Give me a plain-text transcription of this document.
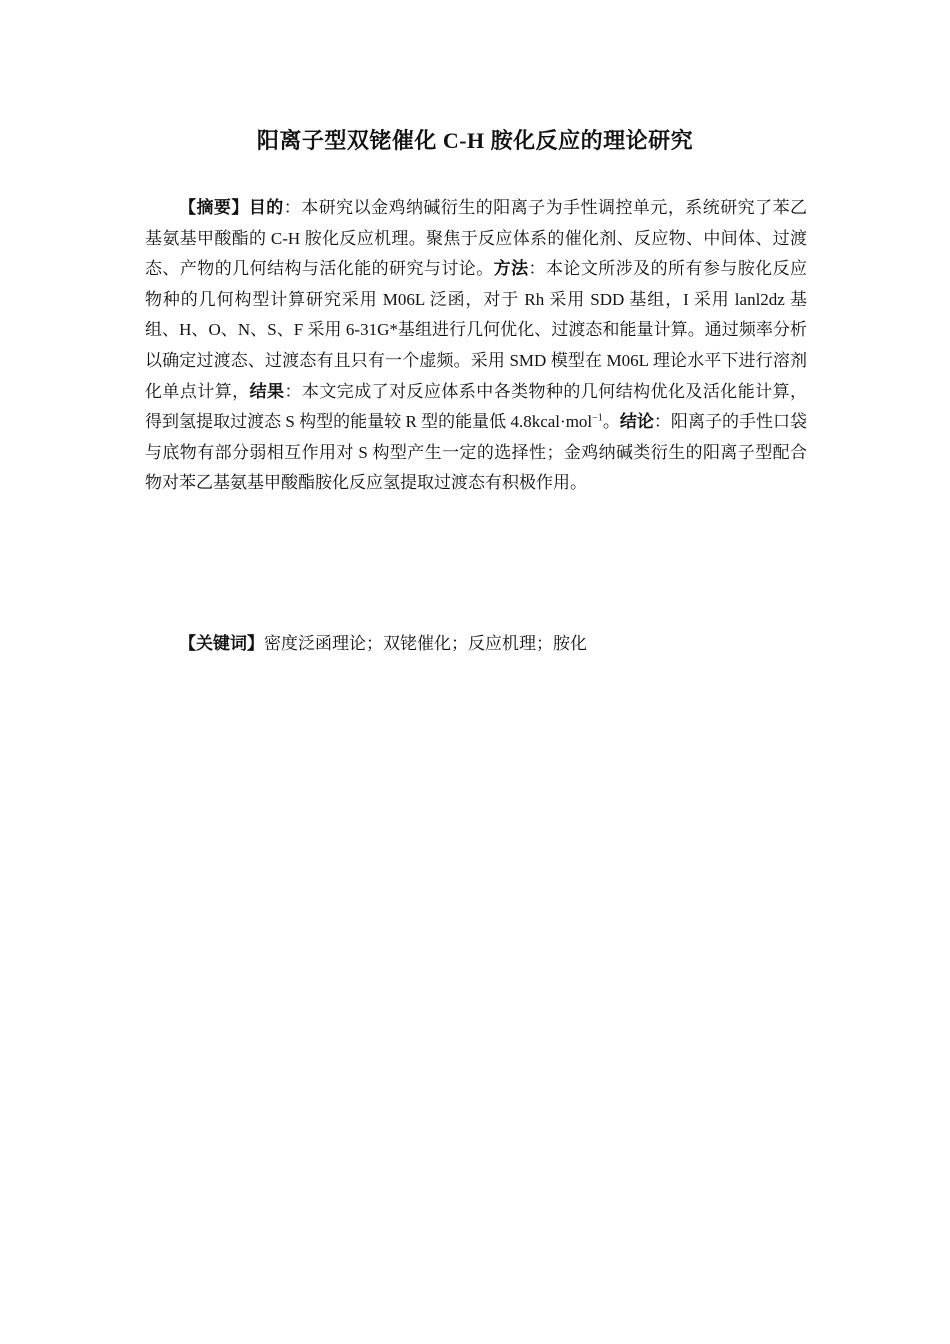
阳离子型双铑催化 C-H 胺化反应的理论研究

【摘要】目的：本研究以金鸡纳碱衍生的阳离子为手性调控单元，系统研究了苯乙基氨基甲酸酯的 C-H 胺化反应机理。聚焦于反应体系的催化剂、反应物、中间体、过渡态、产物的几何结构与活化能的研究与讨论。方法：本论文所涉及的所有参与胺化反应物种的几何构型计算研究采用 M06L 泛函，对于 Rh 采用 SDD 基组，I 采用 lanl2dz 基组、H、O、N、S、F 采用 6-31G*基组进行几何优化、过渡态和能量计算。通过频率分析以确定过渡态、过渡态有且只有一个虚频。采用 SMD 模型在 M06L 理论水平下进行溶剂化单点计算，结果：本文完成了对反应体系中各类物种的几何结构优化及活化能计算，得到氢提取过渡态 S 构型的能量较 R 型的能量低 4.8kcal·mol$^{-1}$。结论：阳离子的手性口袋与底物有部分弱相互作用对 S 构型产生一定的选择性；金鸡纳碱类衍生的阳离子型配合物对苯乙基氨基甲酸酯胺化反应氢提取过渡态有积极作用。

【关键词】密度泛函理论；双铑催化；反应机理；胺化
